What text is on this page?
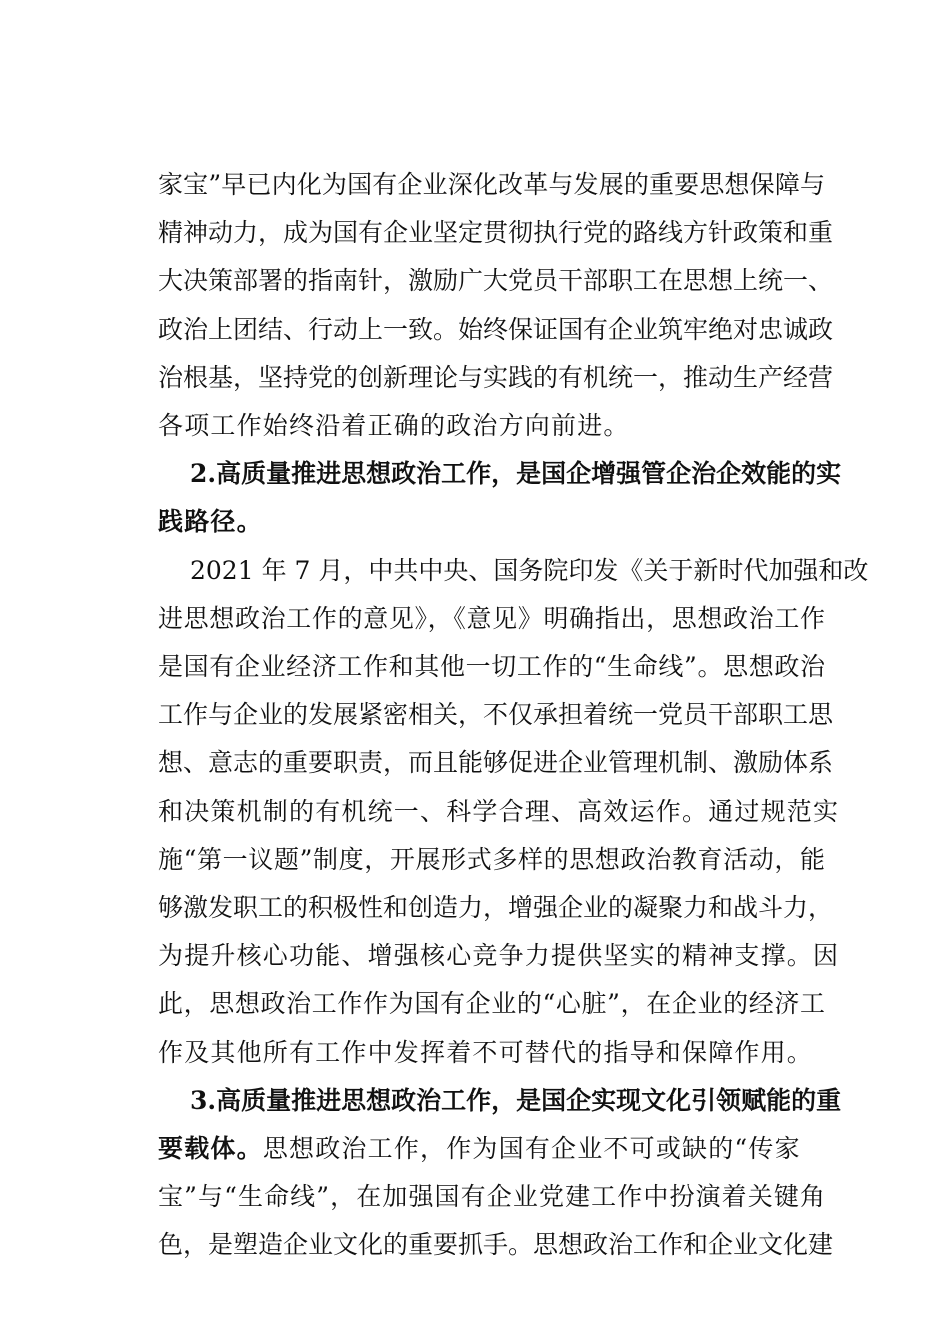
家宝”早已内化为国有企业深化改革与发展的重要思想保障与
精神动力，成为国有企业坚定贯彻执行党的路线方针政策和重
大决策部署的指南针，激励广大党员干部职工在思想上统一、
政治上团结、行动上一致。始终保证国有企业筑牢绝对忠诚政
治根基，坚持党的创新理论与实践的有机统一，推动生产经营
各项工作始终沿着正确的政治方向前进。
2.高质量推进思想政治工作，是国企增强管企治企效能的实
践路径。
2021 年 7 月，中共中央、国务院印发《关于新时代加强和改
进思想政治工作的意见》，《意见》明确指出，思想政治工作
是国有企业经济工作和其他一切工作的“生命线”。思想政治
工作与企业的发展紧密相关，不仅承担着统一党员干部职工思
想、意志的重要职责，而且能够促进企业管理机制、激励体系
和决策机制的有机统一、科学合理、高效运作。通过规范实
施“第一议题”制度，开展形式多样的思想政治教育活动，能
够激发职工的积极性和创造力，增强企业的凝聚力和战斗力，
为提升核心功能、增强核心竞争力提供坚实的精神支撑。因
此，思想政治工作作为国有企业的“心脏”，在企业的经济工
作及其他所有工作中发挥着不可替代的指导和保障作用。
3.高质量推进思想政治工作，是国企实现文化引领赋能的重
要载体。思想政治工作，作为国有企业不可或缺的“传家
宝”与“生命线”，在加强国有企业党建工作中扮演着关键角
色，是塑造企业文化的重要抓手。思想政治工作和企业文化建
